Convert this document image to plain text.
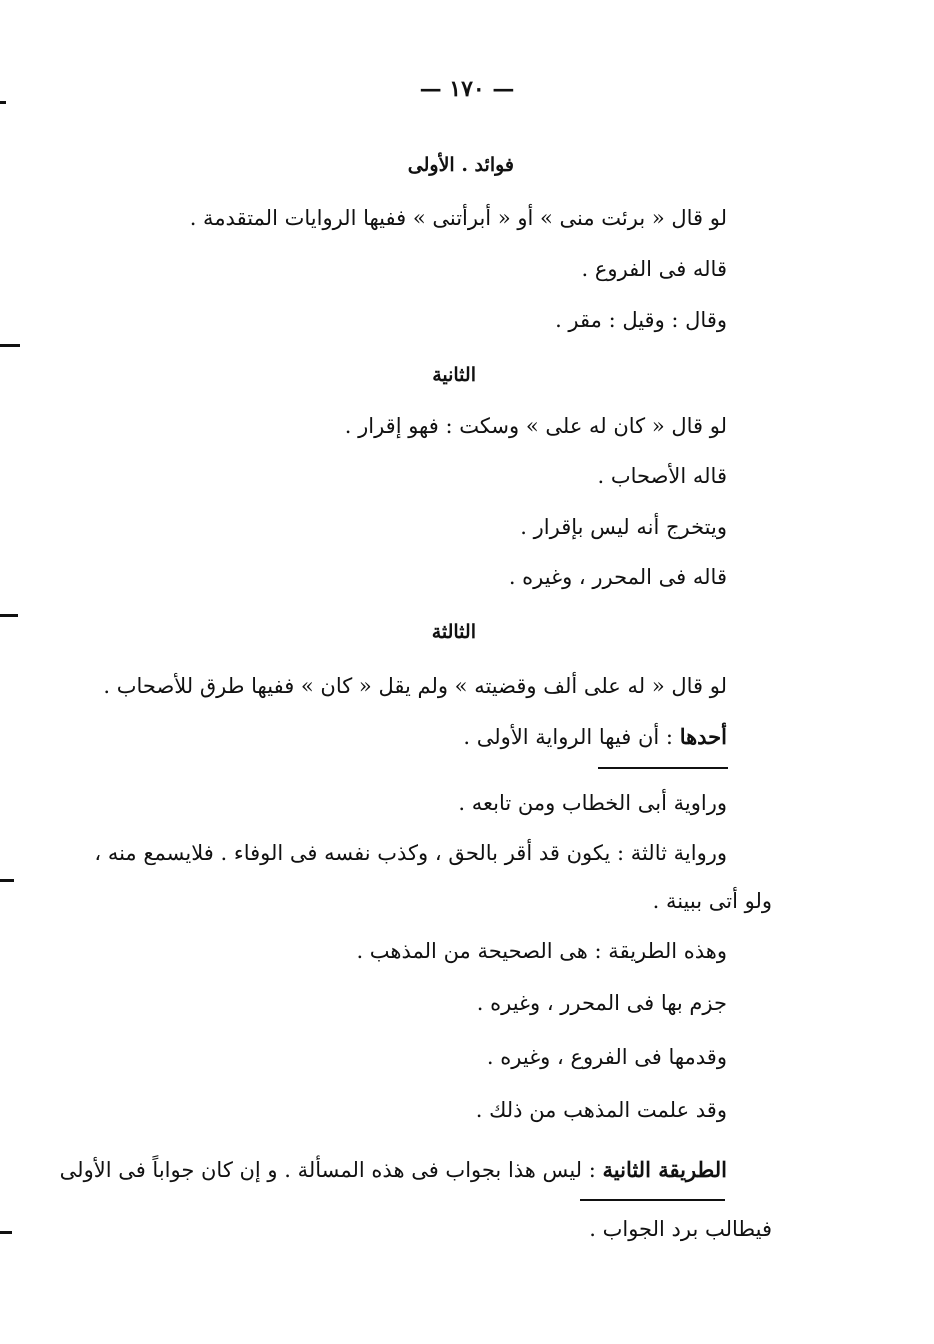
— ١٧٠ —
فوائد . الأولى
لو قال « برئت منى » أو « أبرأتنى » ففيها الروايات المتقدمة .
قاله فى الفروع .
وقال : وقيل : مقر .
الثانية
لو قال « كان له على » وسكت : فهو إقرار .
قاله الأصحاب .
ويتخرج أنه ليس بإقرار .
قاله فى المحرر ، وغيره .
الثالثة
لو قال « له على ألف وقضيته » ولم يقل « كان » ففيها طرق للأصحاب .
أحدها : أن فيها الرواية الأولى .
وراوية أبى الخطاب ومن تابعه .
ورواية ثالثة : يكون قد أقر بالحق ، وكذب نفسه فى الوفاء . فلايسمع منه ،
ولو أتى ببينة .
وهذه الطريقة : هى الصحيحة من المذهب .
جزم بها فى المحرر ، وغيره .
وقدمها فى الفروع ، وغيره .
وقد علمت المذهب من ذلك .
الطريقة الثانية : ليس هذا بجواب فى هذه المسألة . و إن كان جواباً فى الأولى
فيطالب برد الجواب .
